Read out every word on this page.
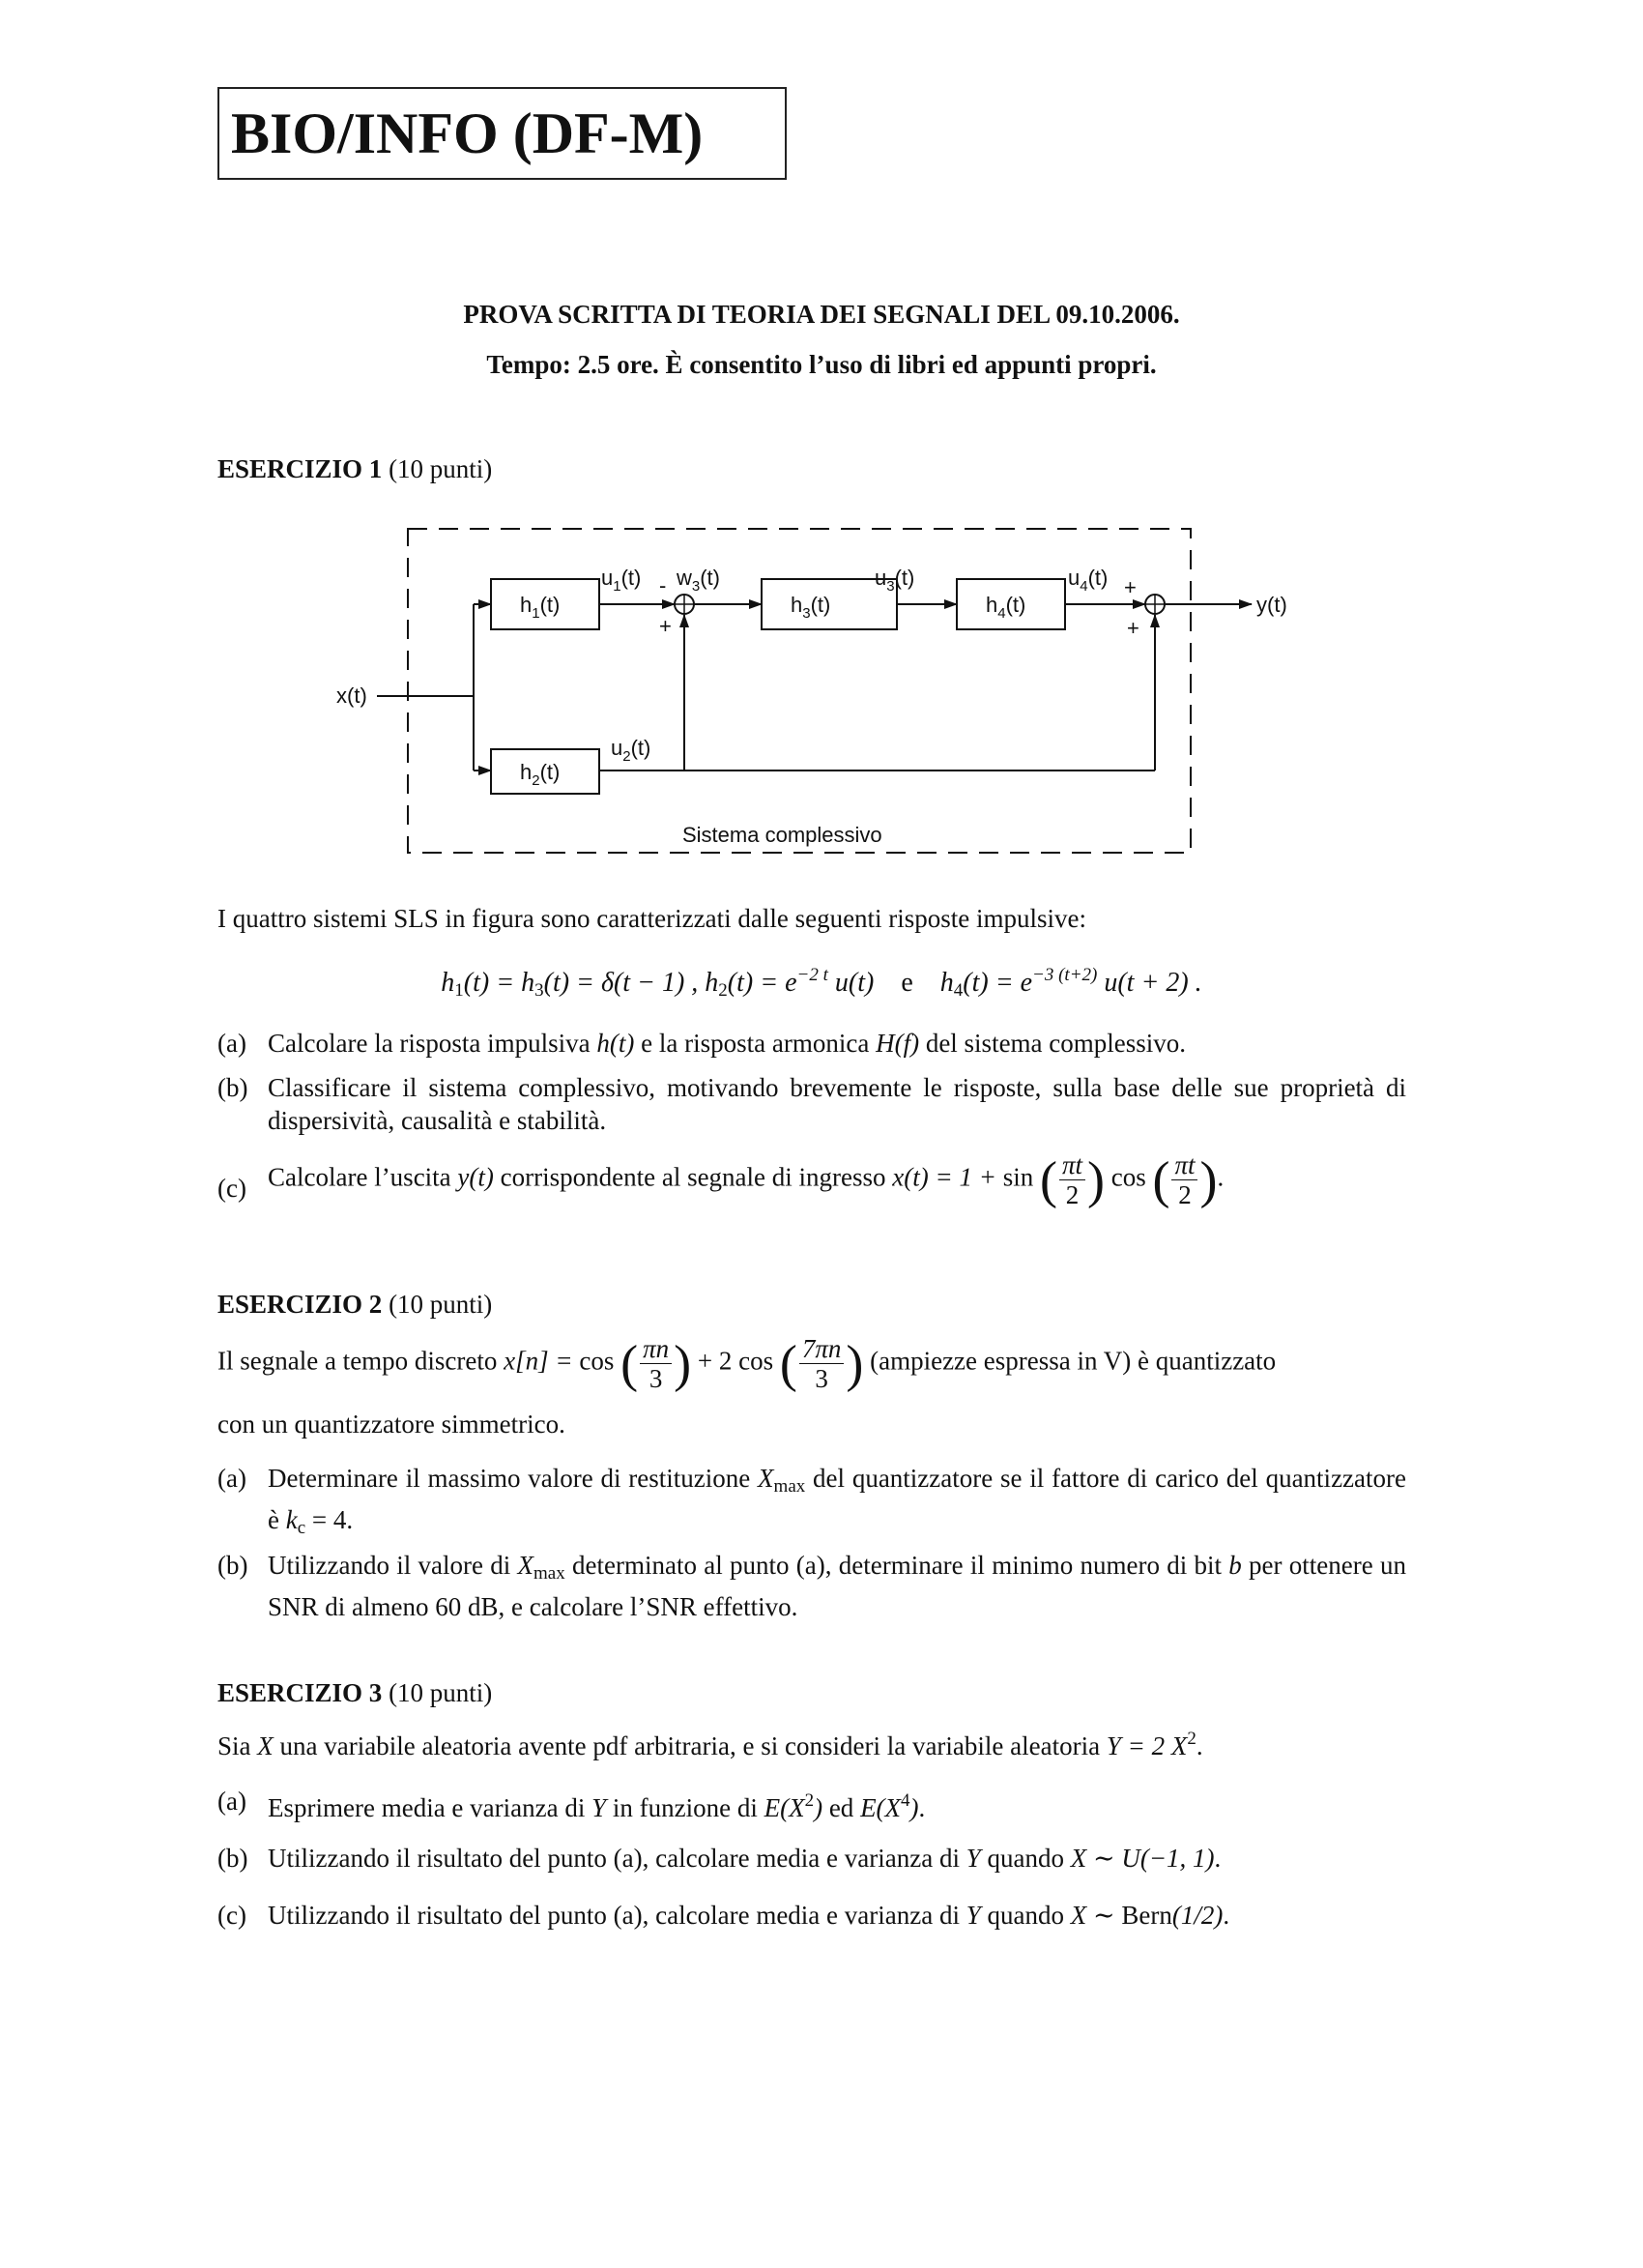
BIO/INFO (DF-M)
PROVA SCRITTA DI TEORIA DEI SEGNALI DEL 09.10.2006.
Tempo: 2.5 ore. È consentito l’uso di libri ed appunti propri.
ESERCIZIO 1 (10 punti)
x(t)
$h_1(t)$
$h_2(t)$
$u_1(t)$ -
+
$u_2(t)$
$w_3(t)$
$h_3(t)$
$u_3(t)$
$h_4(t)$
$u_4(t)$ +
+
y(t)
Sistema complessivo
I quattro sistemi SLS in figura sono caratterizzati dalle seguenti risposte impulsive:
$h_1(t) = h_3(t) = \delta(t - 1)$ , $h_2(t) = e^{-2 t}$ u(t) e $h_4(t) = e^{-3 (t+2)}$ u(t + 2) .
(a) Calcolare la risposta impulsiva h(t) e la risposta armonica H(f) del sistema complessivo.
(b) Classificare il sistema complessivo, motivando brevemente le risposte, sulla base delle sue proprietà di dispersività, causalità e stabilità.
(c) Calcolare l’uscita y(t) corrispondente al segnale di ingresso x(t) = 1 + sin ( $\frac{\pi t}{2}$ ) cos ( $\frac{\pi t}{2}$ ).
ESERCIZIO 2 (10 punti)
Il segnale a tempo discreto x[n] = cos ( $\frac{\pi n}{3}$ ) + 2 cos ( $\frac{7\pi n}{3}$ ) (ampiezze espressa in V) è quantizzato
con un quantizzatore simmetrico.
(a) Determinare il massimo valore di restituzione $X_{max}$ del quantizzatore se il fattore di carico del quantizzatore è $k_c = 4$.
(b) Utilizzando il valore di $X_{max}$ determinato al punto (a), determinare il minimo numero di bit b per ottenere un SNR di almeno 60 dB, e calcolare l’SNR effettivo.
ESERCIZIO 3 (10 punti)
Sia X una variabile aleatoria avente pdf arbitraria, e si consideri la variabile aleatoria Y = 2 $X^2$.
(a) Esprimere media e varianza di Y in funzione di $E(X^2)$ ed $E(X^4)$.
(b) Utilizzando il risultato del punto (a), calcolare media e varianza di Y quando X ∼ U(−1, 1).
(c) Utilizzando il risultato del punto (a), calcolare media e varianza di Y quando X ∼ Bern(1/2).
